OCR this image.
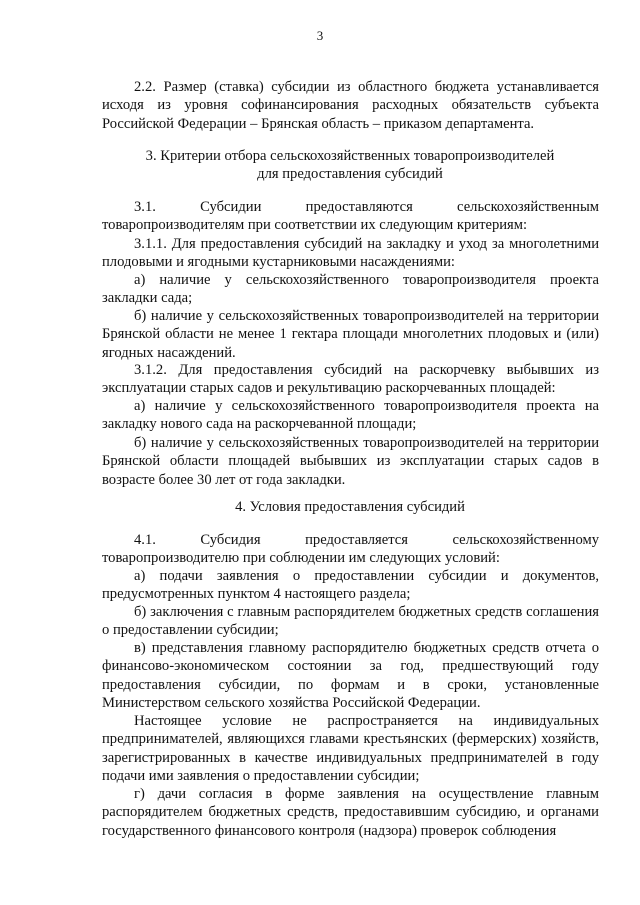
3

2.2. Размер (ставка) субсидии из областного бюджета устанавливается исходя из уровня софинансирования расходных обязательств субъекта Российской Федерации – Брянская область – приказом департамента.

3. Критерии отбора сельскохозяйственных товаропроизводителей

для предоставления субсидий

3.1. Субсидии предоставляются сельскохозяйственным товаропроизводителям при соответствии их следующим критериям:

3.1.1. Для предоставления субсидий на закладку и уход за многолетними плодовыми и ягодными кустарниковыми насаждениями:

а) наличие у сельскохозяйственного товаропроизводителя проекта закладки сада;

б) наличие у сельскохозяйственных товаропроизводителей на территории Брянской области не менее 1 гектара площади многолетних плодовых и (или) ягодных насаждений.

3.1.2. Для предоставления субсидий на раскорчевку выбывших из эксплуатации старых садов и рекультивацию раскорчеванных площадей:

а) наличие у сельскохозяйственного товаропроизводителя проекта на закладку нового сада на раскорчеванной площади;

б) наличие у сельскохозяйственных товаропроизводителей на территории Брянской области площадей выбывших из эксплуатации старых садов в возрасте более 30 лет от года закладки.

4. Условия предоставления субсидий

4.1. Субсидия предоставляется сельскохозяйственному товаропроизводителю при соблюдении им следующих условий:

а) подачи заявления о предоставлении субсидии и документов, предусмотренных пунктом 4 настоящего раздела;

б) заключения с главным распорядителем бюджетных средств соглашения о предоставлении субсидии;

в) представления главному распорядителю бюджетных средств отчета о финансово-экономическом состоянии за год, предшествующий году предоставления субсидии, по формам и в сроки, установленные Министерством сельского хозяйства Российской Федерации.

Настоящее условие не распространяется на индивидуальных предпринимателей, являющихся главами крестьянских (фермерских) хозяйств, зарегистрированных в качестве индивидуальных предпринимателей в году подачи ими заявления о предоставлении субсидии;

г) дачи согласия в форме заявления на осуществление главным распорядителем бюджетных средств, предоставившим субсидию, и органами государственного финансового контроля (надзора) проверок соблюдения
